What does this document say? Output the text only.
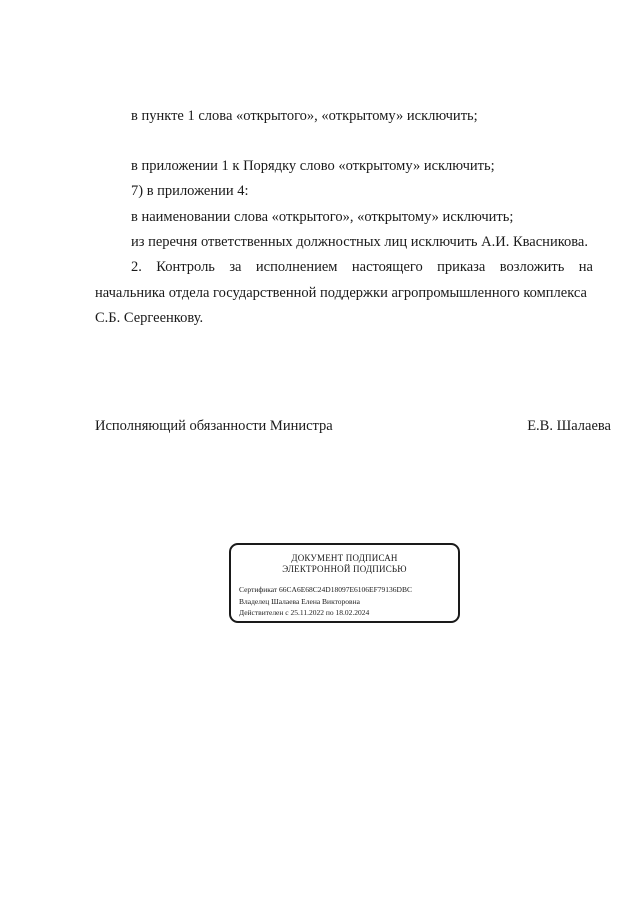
в пункте 1 слова «открытого», «открытому» исключить;
в приложении 1 к Порядку слово «открытому» исключить;
7) в приложении 4:
в наименовании слова «открытого», «открытому» исключить;
из перечня ответственных должностных лиц исключить А.И. Квасникова.
2. Контроль за исполнением настоящего приказа возложить на
начальника отдела государственной поддержки агропромышленного комплекса
С.Б. Сергеенкову.
Исполняющий обязанности Министра	Е.В. Шалаева
ДОКУМЕНТ ПОДПИСАН
ЭЛЕКТРОННОЙ ПОДПИСЬЮ
Сертификат 66CA6E68C24D18097E6106EF79136DBC
Владелец Шалаева Елена Викторовна
Действителен с 25.11.2022 по 18.02.2024
